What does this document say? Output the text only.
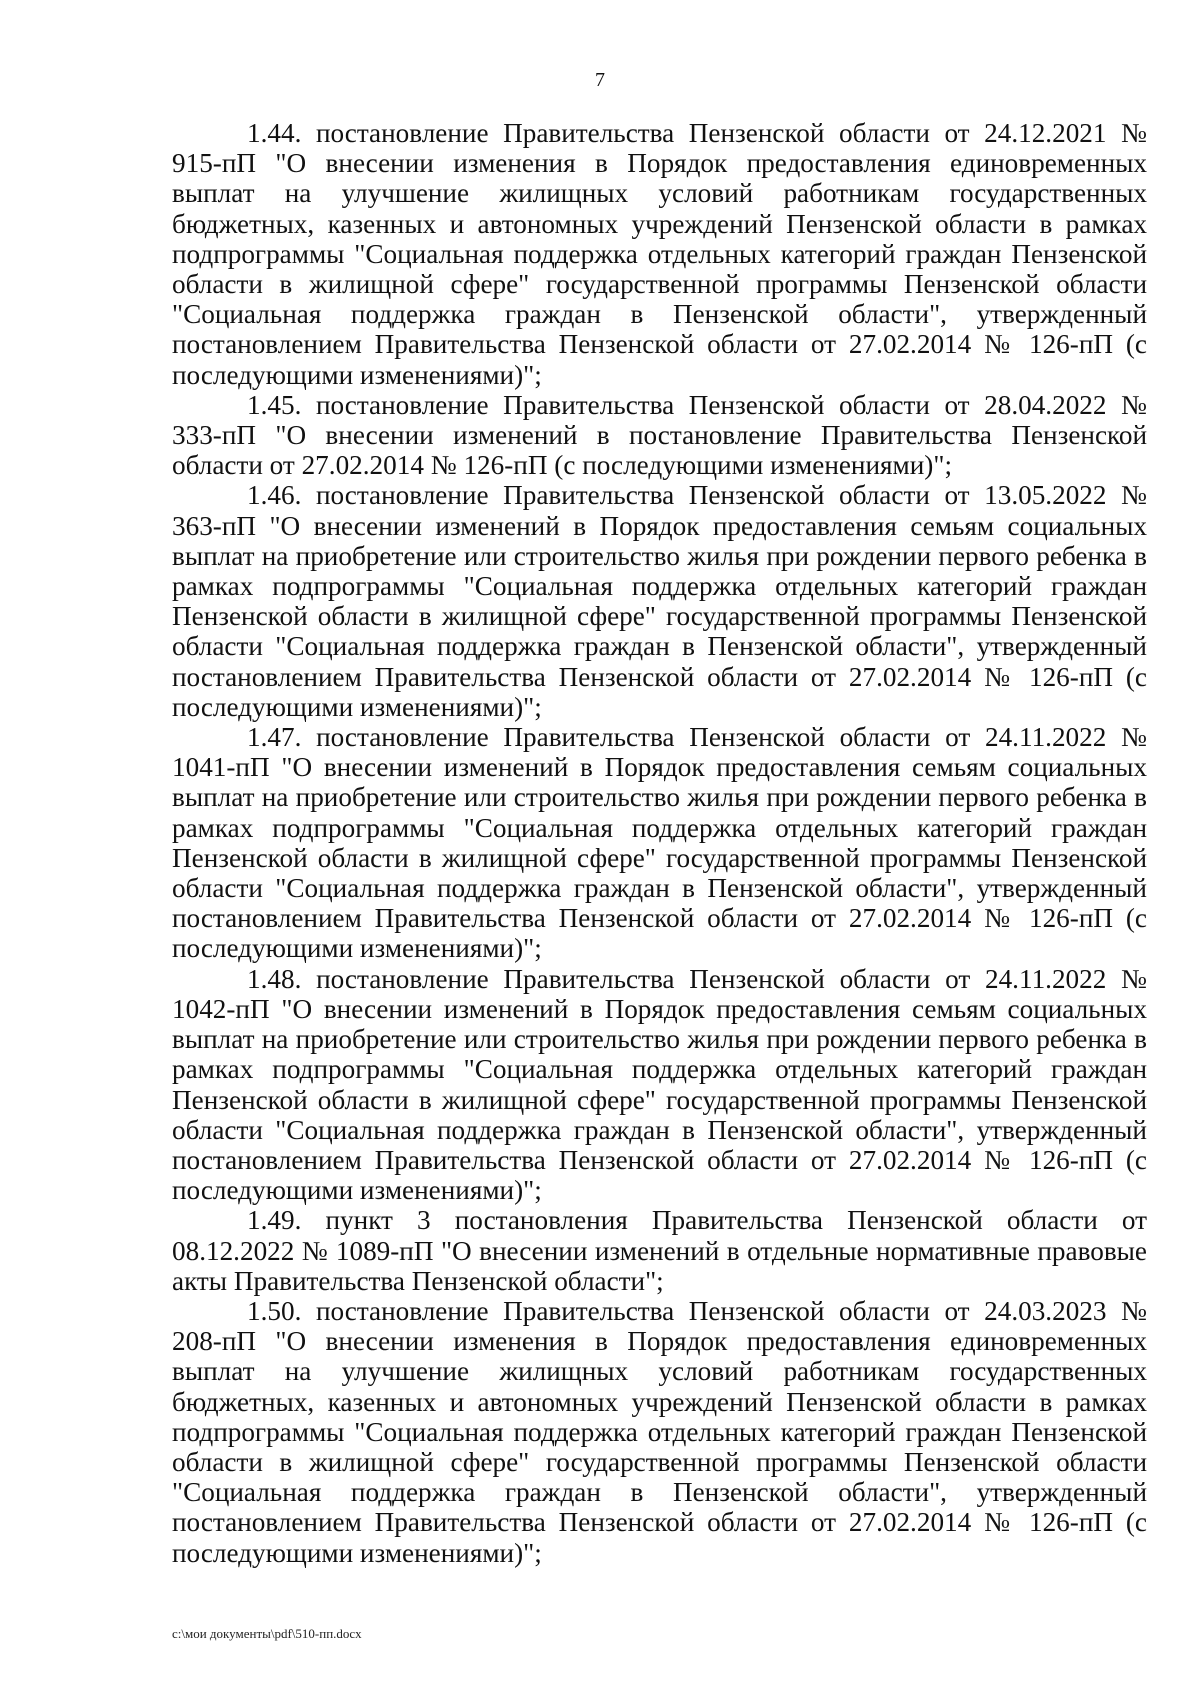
7

1.44. постановление Правительства Пензенской области от 24.12.2021 № 915-пП "О внесении изменения в Порядок предоставления единовременных выплат на улучшение жилищных условий работникам государственных бюджетных, казенных и автономных учреждений Пензенской области в рамках подпрограммы "Социальная поддержка отдельных категорий граждан Пензенской области в жилищной сфере" государственной программы Пензенской области "Социальная поддержка граждан в Пензенской области", утвержденный постановлением Правительства Пензенской области от 27.02.2014 № 126-пП (с последующими изменениями)";

1.45. постановление Правительства Пензенской области от 28.04.2022 № 333-пП "О внесении изменений в постановление Правительства Пензенской области от 27.02.2014 № 126-пП (с последующими изменениями)";

1.46. постановление Правительства Пензенской области от 13.05.2022 № 363-пП "О внесении изменений в Порядок предоставления семьям социальных выплат на приобретение или строительство жилья при рождении первого ребенка в рамках подпрограммы "Социальная поддержка отдельных категорий граждан Пензенской области в жилищной сфере" государственной программы Пензенской области "Социальная поддержка граждан в Пензенской области", утвержденный постановлением Правительства Пензенской области от 27.02.2014 № 126-пП (с последующими изменениями)";

1.47. постановление Правительства Пензенской области от 24.11.2022 № 1041-пП "О внесении изменений в Порядок предоставления семьям социальных выплат на приобретение или строительство жилья при рождении первого ребенка в рамках подпрограммы "Социальная поддержка отдельных категорий граждан Пензенской области в жилищной сфере" государственной программы Пензенской области "Социальная поддержка граждан в Пензенской области", утвержденный постановлением Правительства Пензенской области от 27.02.2014 № 126-пП (с последующими изменениями)";

1.48. постановление Правительства Пензенской области от 24.11.2022 № 1042-пП "О внесении изменений в Порядок предоставления семьям социальных выплат на приобретение или строительство жилья при рождении первого ребенка в рамках подпрограммы "Социальная поддержка отдельных категорий граждан Пензенской области в жилищной сфере" государственной программы Пензенской области "Социальная поддержка граждан в Пензенской области", утвержденный постановлением Правительства Пензенской области от 27.02.2014 № 126-пП (с последующими изменениями)";

1.49. пункт 3 постановления Правительства Пензенской области от 08.12.2022 № 1089-пП "О внесении изменений в отдельные нормативные правовые акты Правительства Пензенской области";

1.50. постановление Правительства Пензенской области от 24.03.2023 № 208-пП "О внесении изменения в Порядок предоставления единовременных выплат на улучшение жилищных условий работникам государственных бюджетных, казенных и автономных учреждений Пензенской области в рамках подпрограммы "Социальная поддержка отдельных категорий граждан Пензенской области в жилищной сфере" государственной программы Пензенской области "Социальная поддержка граждан в Пензенской области", утвержденный постановлением Правительства Пензенской области от 27.02.2014 № 126-пП (с последующими изменениями)";

c:\мои документы\pdf\510-пп.docx
